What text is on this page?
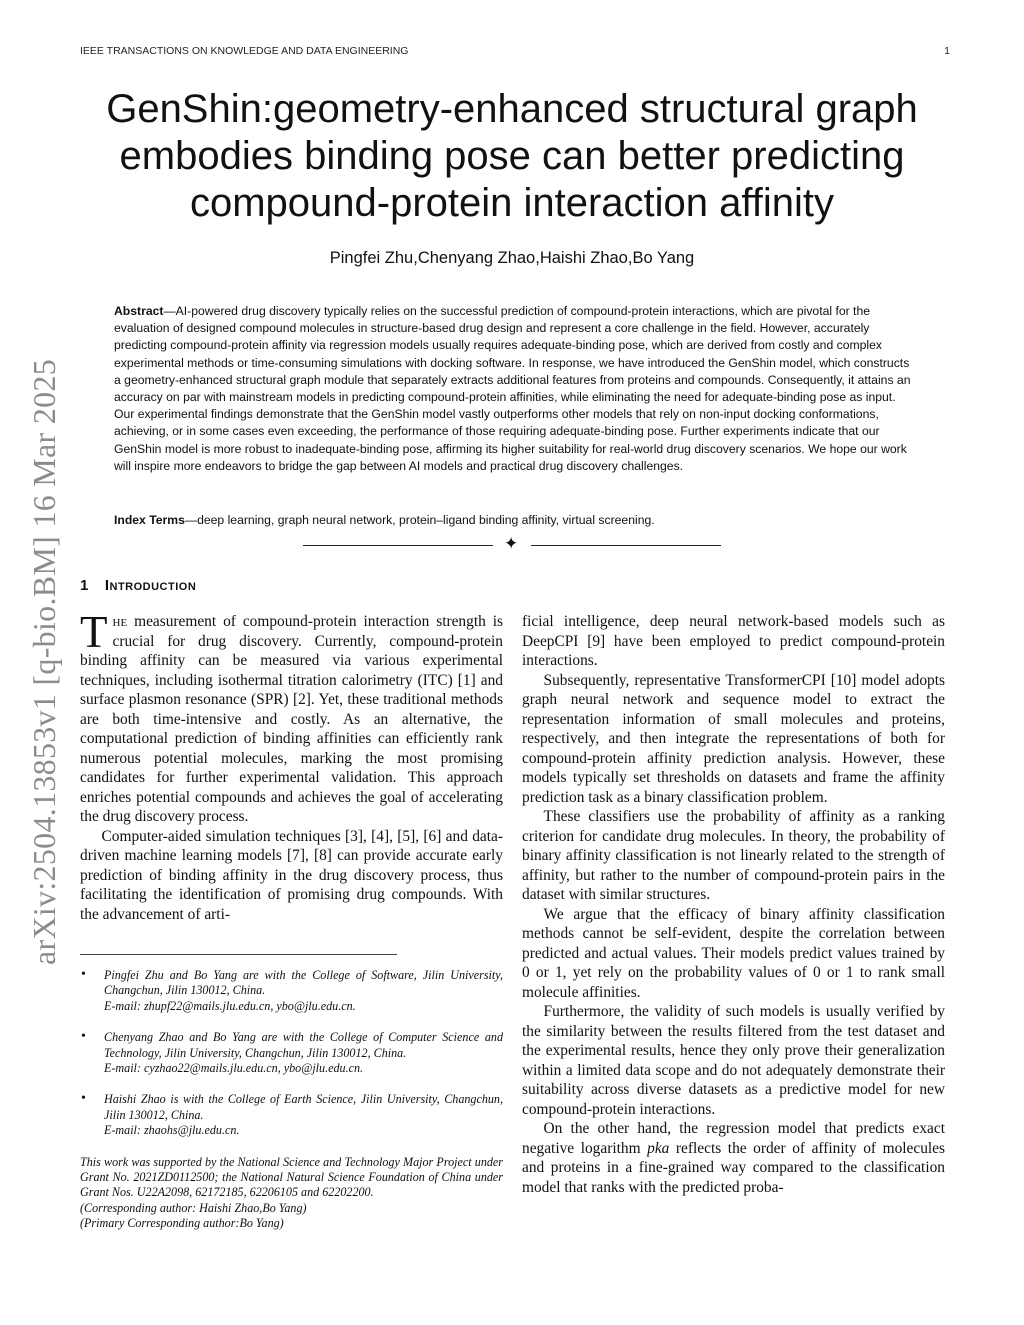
IEEE TRANSACTIONS ON KNOWLEDGE AND DATA ENGINEERING	1
arXiv:2504.13853v1 [q-bio.BM] 16 Mar 2025
GenShin:geometry-enhanced structural graph
embodies binding pose can better predicting
compound-protein interaction affinity
Pingfei Zhu,Chenyang Zhao,Haishi Zhao,Bo Yang
Abstract—AI-powered drug discovery typically relies on the successful prediction of compound-protein interactions, which are pivotal for the evaluation of designed compound molecules in structure-based drug design and represent a core challenge in the field. However, accurately predicting compound-protein affinity via regression models usually requires adequate-binding pose, which are derived from costly and complex experimental methods or time-consuming simulations with docking software. In response, we have introduced the GenShin model, which constructs a geometry-enhanced structural graph module that separately extracts additional features from proteins and compounds. Consequently, it attains an accuracy on par with mainstream models in predicting compound-protein affinities, while eliminating the need for adequate-binding pose as input. Our experimental findings demonstrate that the GenShin model vastly outperforms other models that rely on non-input docking conformations, achieving, or in some cases even exceeding, the performance of those requiring adequate-binding pose. Further experiments indicate that our GenShin model is more robust to inadequate-binding pose, affirming its higher suitability for real-world drug discovery scenarios. We hope our work will inspire more endeavors to bridge the gap between AI models and practical drug discovery challenges.
Index Terms—deep learning, graph neural network, protein–ligand binding affinity, virtual screening.
✦
1 Introduction

The measurement of compound-protein interaction strength is crucial for drug discovery. Currently, compound-protein binding affinity can be measured via various experimental techniques, including isothermal titration calorimetry (ITC) [1] and surface plasmon resonance (SPR) [2]. Yet, these traditional methods are both time-intensive and costly. As an alternative, the computational prediction of binding affinities can efficiently rank numerous potential molecules, marking the most promising candidates for further experimental validation. This approach enriches potential compounds and achieves the goal of accelerating the drug discovery process.

Computer-aided simulation techniques [3], [4], [5], [6] and data-driven machine learning models [7], [8] can provide accurate early prediction of binding affinity in the drug discovery process, thus facilitating the identification of promising drug compounds. With the advancement of arti-

ficial intelligence, deep neural network-based models such as DeepCPI [9] have been employed to predict compound-protein interactions.

Subsequently, representative TransformerCPI [10] model adopts graph neural network and sequence model to extract the representation information of small molecules and proteins, respectively, and then integrate the representations of both for compound-protein affinity prediction analysis. However, these models typically set thresholds on datasets and frame the affinity prediction task as a binary classification problem.

These classifiers use the probability of affinity as a ranking criterion for candidate drug molecules. In theory, the probability of binary affinity classification is not linearly related to the strength of affinity, but rather to the number of compound-protein pairs in the dataset with similar structures.

We argue that the efficacy of binary affinity classification methods cannot be self-evident, despite the correlation between predicted and actual values. Their models predict values trained by 0 or 1, yet rely on the probability values of 0 or 1 to rank small molecule affinities.

Furthermore, the validity of such models is usually verified by the similarity between the results filtered from the test dataset and the experimental results, hence they only prove their generalization within a limited data scope and do not adequately demonstrate their suitability across diverse datasets as a predictive model for new compound-protein interactions.

On the other hand, the regression model that predicts exact negative logarithm pka reflects the order of affinity of molecules and proteins in a fine-grained way compared to the classification model that ranks with the predicted proba-

• Pingfei Zhu and Bo Yang are with the College of Software, Jilin University, Changchun, Jilin 130012, China.
E-mail: zhupf22@mails.jlu.edu.cn, ybo@jlu.edu.cn.
• Chenyang Zhao and Bo Yang are with the College of Computer Science and Technology, Jilin University, Changchun, Jilin 130012, China.
E-mail: cyzhao22@mails.jlu.edu.cn, ybo@jlu.edu.cn.
• Haishi Zhao is with the College of Earth Science, Jilin University, Changchun, Jilin 130012, China.
E-mail: zhaohs@jlu.edu.cn.
This work was supported by the National Science and Technology Major Project under Grant No. 2021ZD0112500; the National Natural Science Foundation of China under Grant Nos. U22A2098, 62172185, 62206105 and 62202200.
(Corresponding author: Haishi Zhao,Bo Yang)
(Primary Corresponding author:Bo Yang)
